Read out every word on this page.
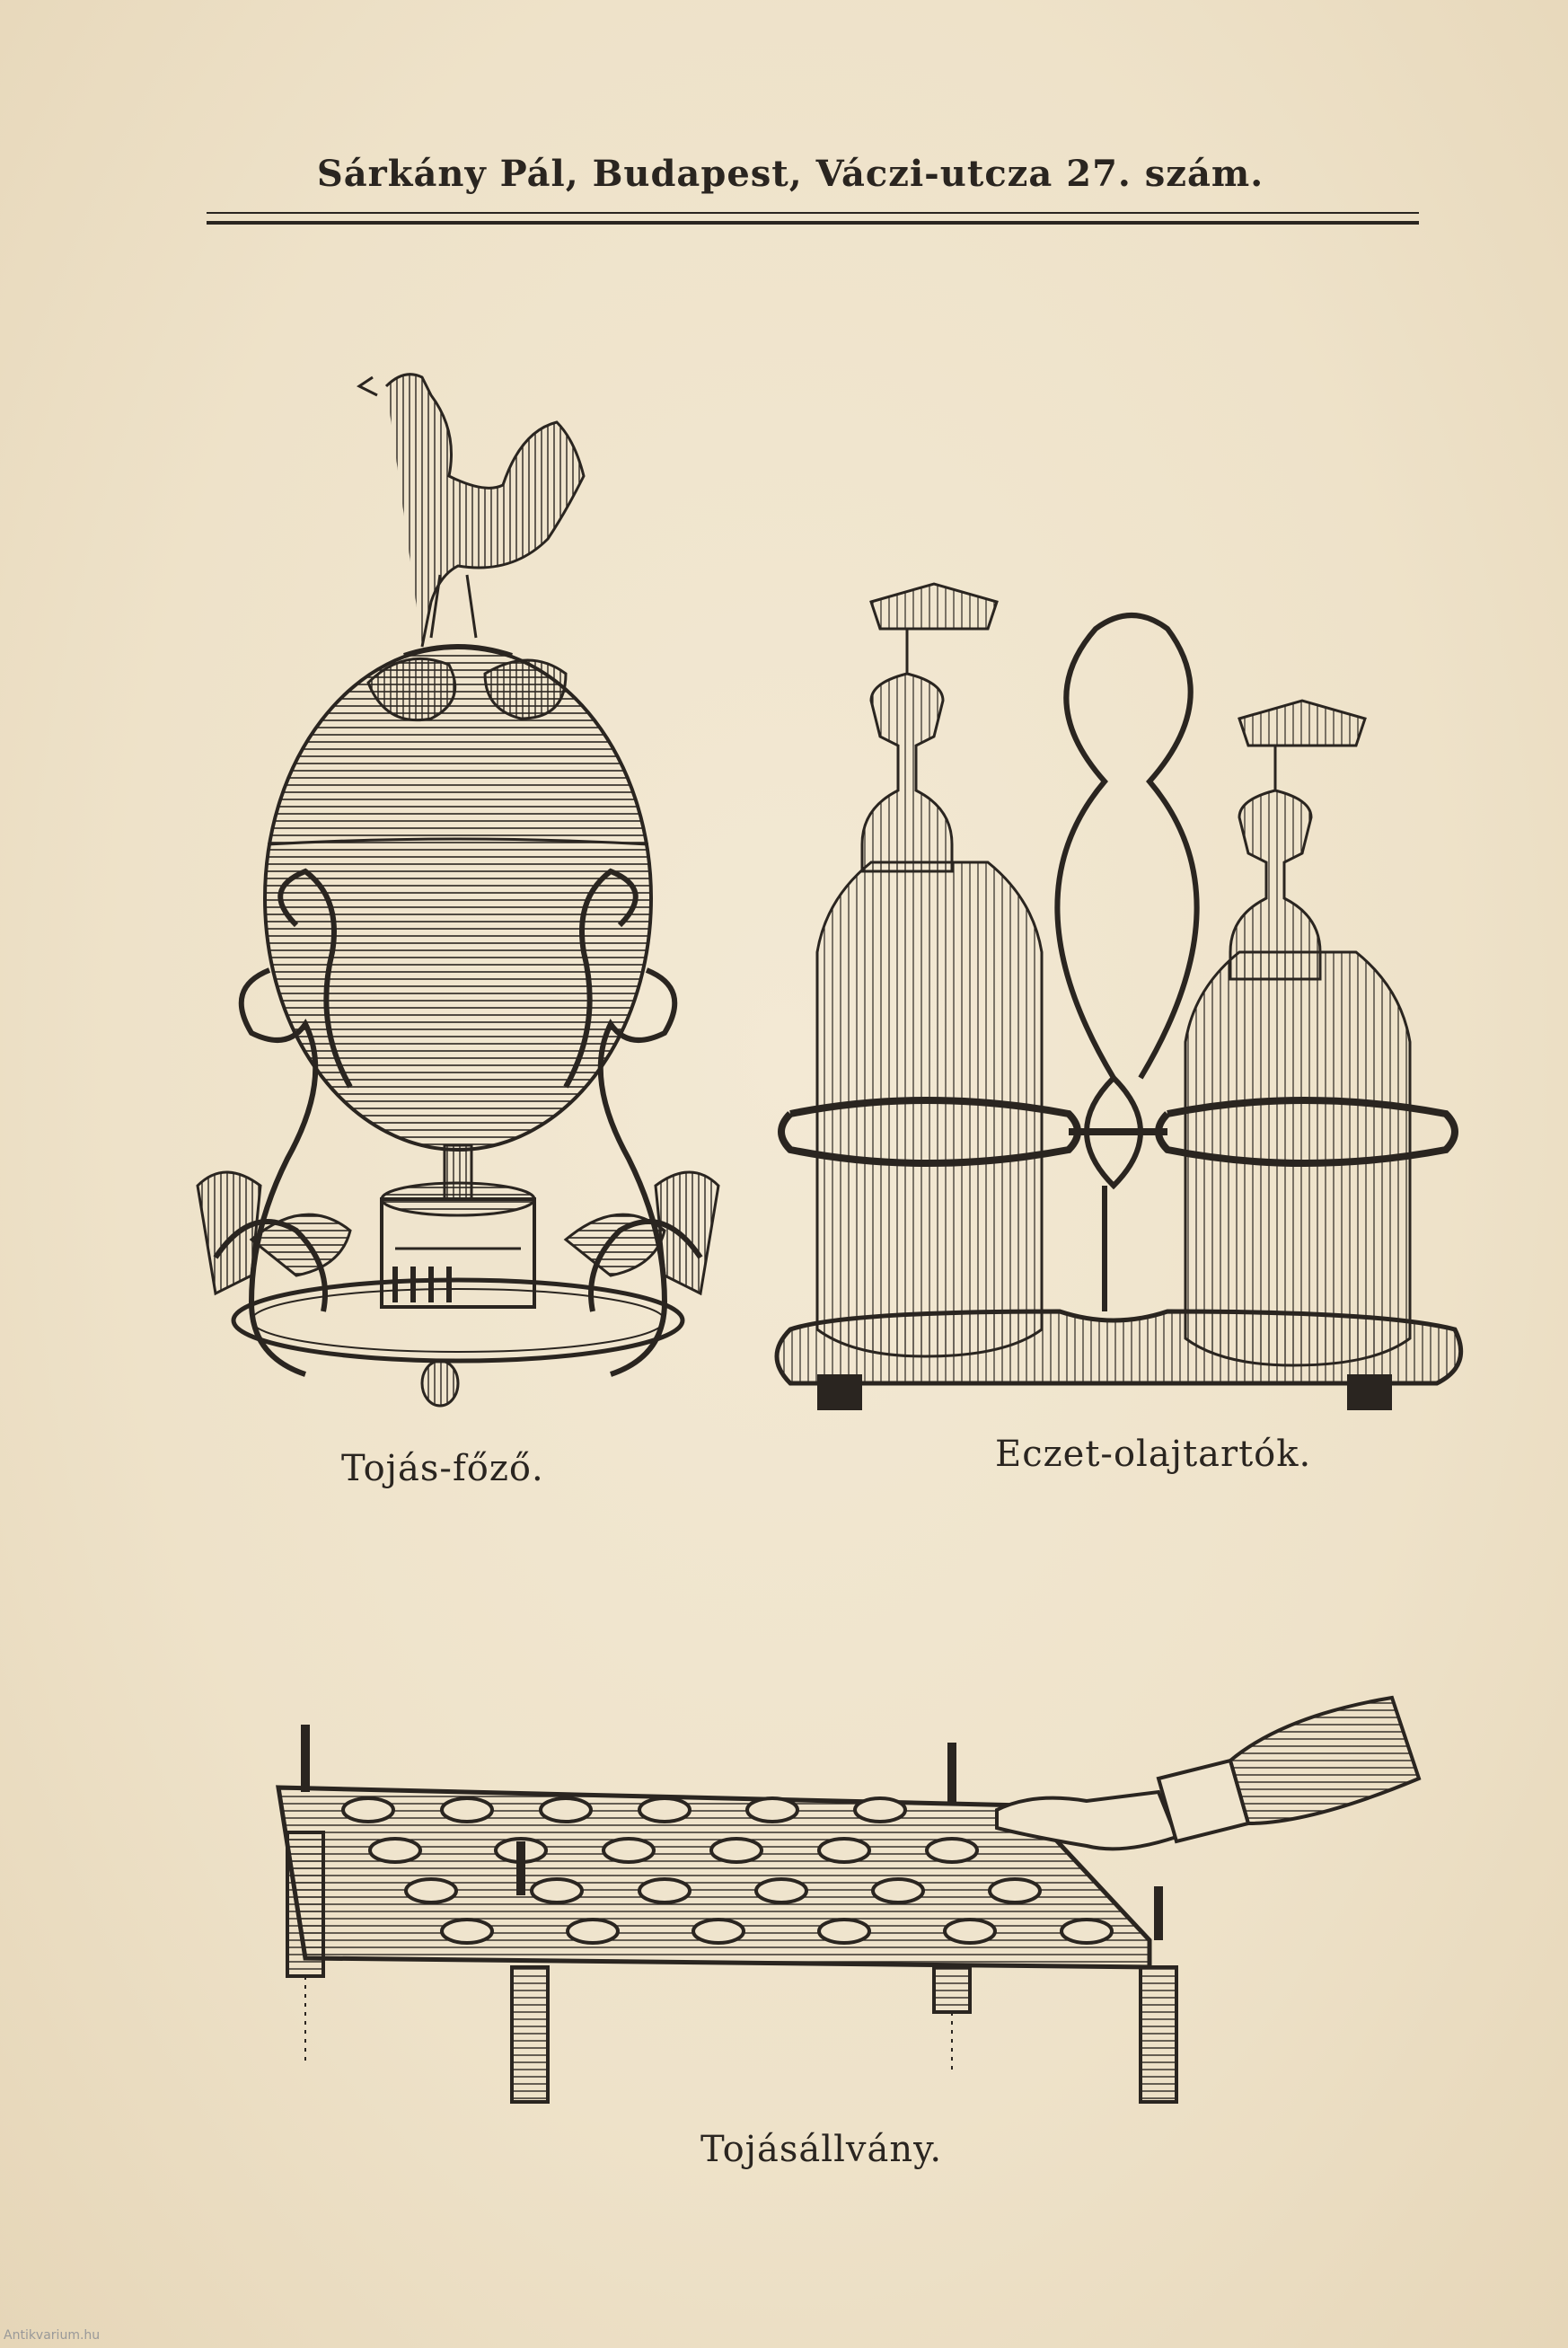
Sárkány Pál, Budapest, Váczi-utcza 27. szám.
Tojás-főző.	Eczet-olajtartók.
Tojásállvány.
Antikvarium.hu
